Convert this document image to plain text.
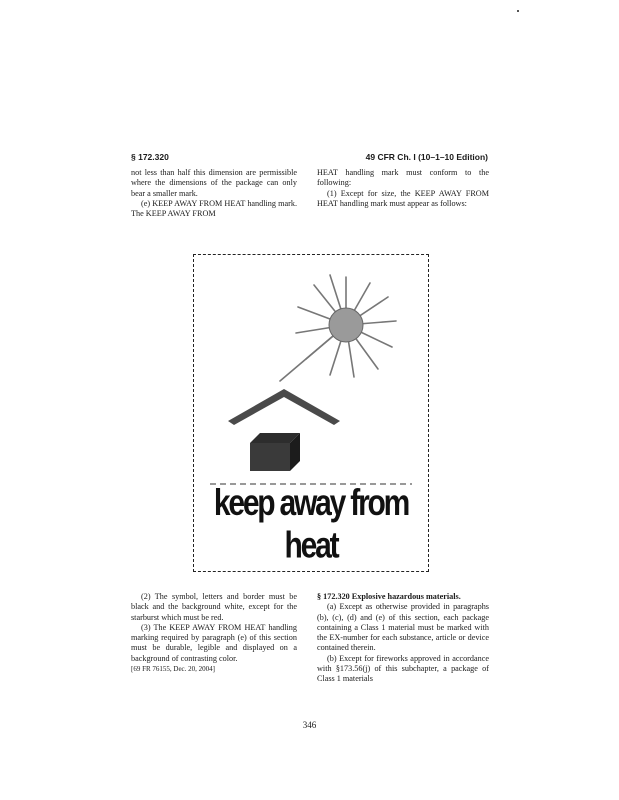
§ 172.320	49 CFR Ch. I (10–1–10 Edition)

not less than half this dimension are permissible where the dimensions of the package can only bear a smaller mark.

(e) KEEP AWAY FROM HEAT handling mark. The KEEP AWAY FROM

HEAT handling mark must conform to the following:

(1) Except for size, the KEEP AWAY FROM HEAT handling mark must appear as follows:

keep away from heat

(2) The symbol, letters and border must be black and the background white, except for the starburst which must be red.

(3) The KEEP AWAY FROM HEAT handling marking required by paragraph (e) of this section must be durable, legible and displayed on a background of contrasting color.

[69 FR 76155, Dec. 20, 2004]

§ 172.320 Explosive hazardous materials.

(a) Except as otherwise provided in paragraphs (b), (c), (d) and (e) of this section, each package containing a Class 1 material must be marked with the EX-number for each substance, article or device contained therein.

(b) Except for fireworks approved in accordance with §173.56(j) of this subchapter, a package of Class 1 materials

346
